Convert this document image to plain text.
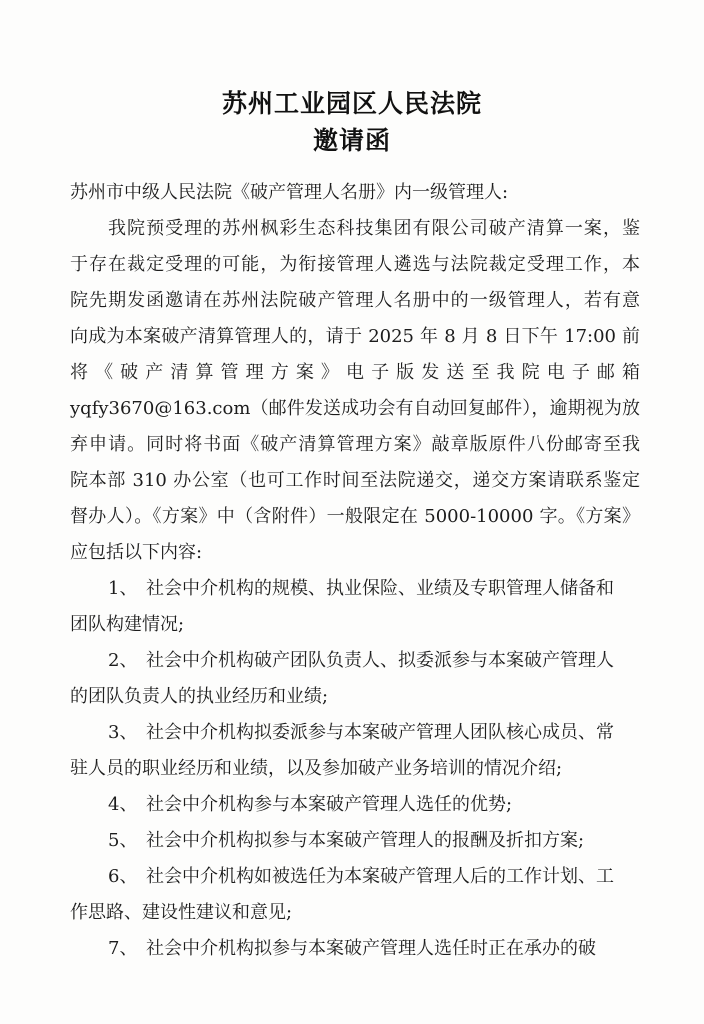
苏州工业园区人民法院
邀请函
苏州市中级人民法院《破产管理人名册》内一级管理人:
我院预受理的苏州枫彩生态科技集团有限公司破产清算一案，鉴
于存在裁定受理的可能，为衔接管理人遴选与法院裁定受理工作，本
院先期发函邀请在苏州法院破产管理人名册中的一级管理人，若有意
向成为本案破产清算管理人的，请于 2025 年 8 月 8 日下午 17:00 前
将《破产清算管理方案》电子版发送至我院电子邮箱
yqfy3670@163.com（邮件发送成功会有自动回复邮件），逾期视为放
弃申请。同时将书面《破产清算管理方案》敲章版原件八份邮寄至我
院本部 310 办公室（也可工作时间至法院递交，递交方案请联系鉴定
督办人）。《方案》中（含附件）一般限定在 5000-10000 字。《方案》
应包括以下内容:
1、 社会中介机构的规模、执业保险、业绩及专职管理人储备和
团队构建情况;
2、 社会中介机构破产团队负责人、拟委派参与本案破产管理人
的团队负责人的执业经历和业绩;
3、 社会中介机构拟委派参与本案破产管理人团队核心成员、常
驻人员的职业经历和业绩，以及参加破产业务培训的情况介绍;
4、 社会中介机构参与本案破产管理人选任的优势;
5、 社会中介机构拟参与本案破产管理人的报酬及折扣方案;
6、 社会中介机构如被选任为本案破产管理人后的工作计划、工
作思路、建设性建议和意见;
7、 社会中介机构拟参与本案破产管理人选任时正在承办的破
